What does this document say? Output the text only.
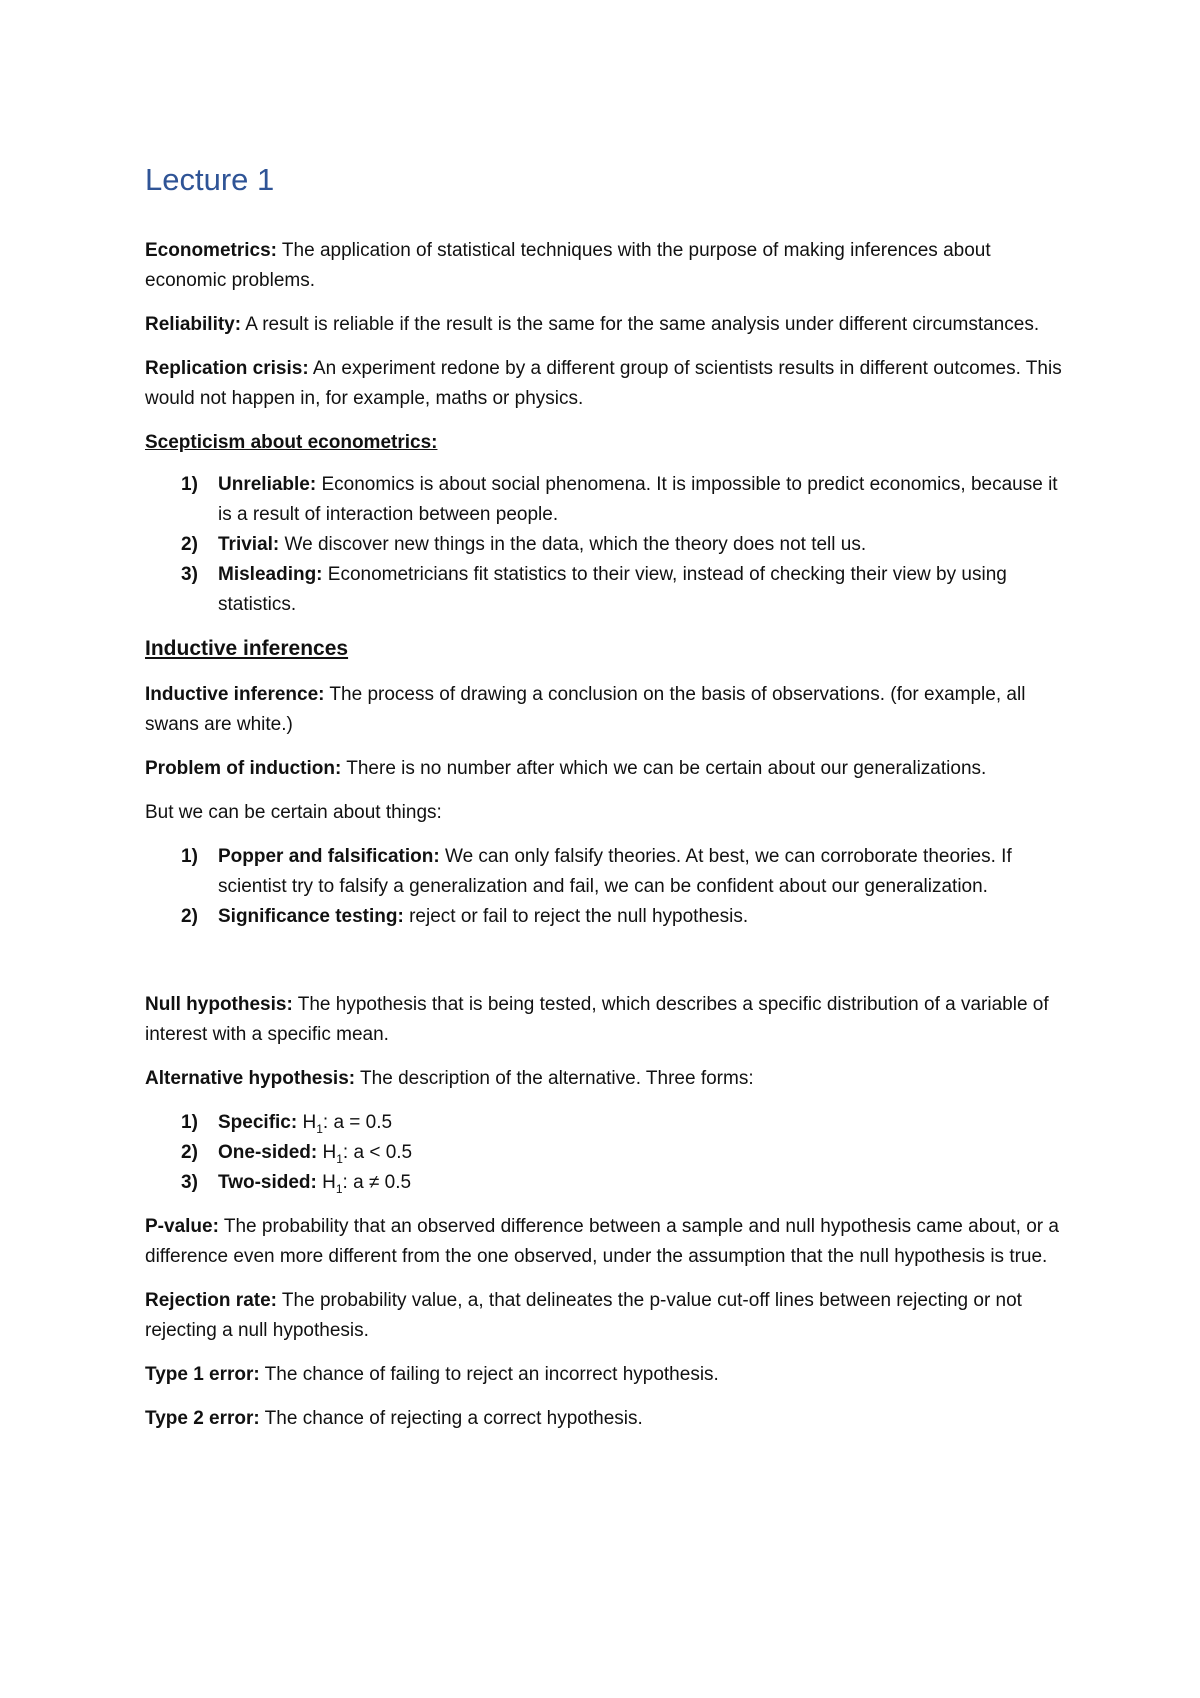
Lecture 1

Econometrics: The application of statistical techniques with the purpose of making inferences about economic problems.

Reliability: A result is reliable if the result is the same for the same analysis under different circumstances.

Replication crisis: An experiment redone by a different group of scientists results in different outcomes. This would not happen in, for example, maths or physics.

Scepticism about econometrics:
1) Unreliable: Economics is about social phenomena. It is impossible to predict economics, because it is a result of interaction between people.
2) Trivial: We discover new things in the data, which the theory does not tell us.
3) Misleading: Econometricians fit statistics to their view, instead of checking their view by using statistics.
Inductive inferences

Inductive inference: The process of drawing a conclusion on the basis of observations. (for example, all swans are white.)

Problem of induction: There is no number after which we can be certain about our generalizations.

But we can be certain about things:

1) Popper and falsification: We can only falsify theories. At best, we can corroborate theories. If scientist try to falsify a generalization and fail, we can be confident about our generalization.
2) Significance testing: reject or fail to reject the null hypothesis.

Null hypothesis: The hypothesis that is being tested, which describes a specific distribution of a variable of interest with a specific mean.

Alternative hypothesis: The description of the alternative. Three forms:

1) Specific: $H_1$: a = 0.5
2) One-sided: $H_1$: a < 0.5
3) Two-sided: $H_1$: a ≠ 0.5

P-value: The probability that an observed difference between a sample and null hypothesis came about, or a difference even more different from the one observed, under the assumption that the null hypothesis is true.

Rejection rate: The probability value, a, that delineates the p-value cut-off lines between rejecting or not rejecting a null hypothesis.

Type 1 error: The chance of failing to reject an incorrect hypothesis.

Type 2 error: The chance of rejecting a correct hypothesis.
